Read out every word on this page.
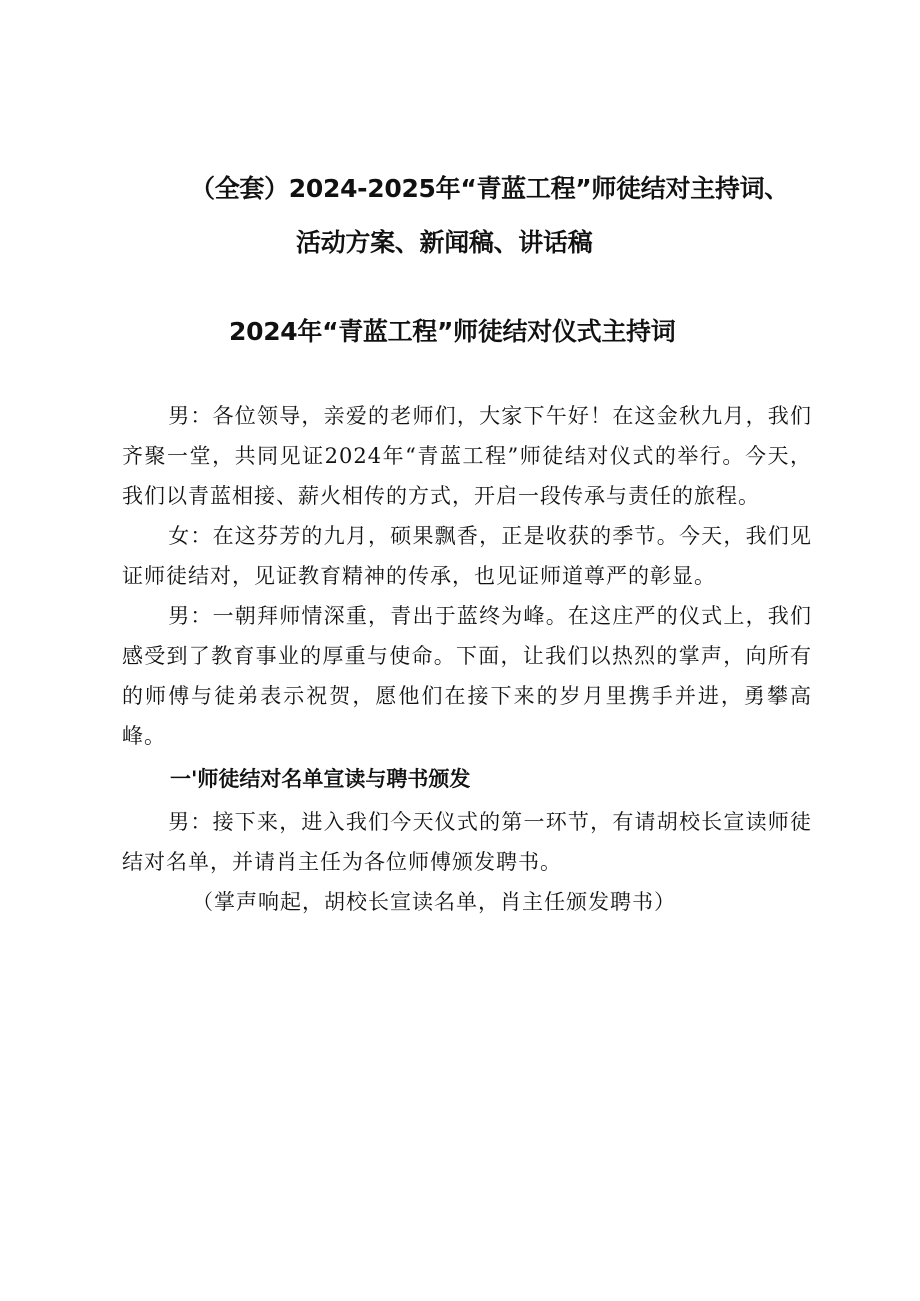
（全套）2024-2025年“青蓝工程”师徒结对主持词、
活动方案、新闻稿、讲话稿
2024年“青蓝工程”师徒结对仪式主持词

男：各位领导，亲爱的老师们，大家下午好！在这金秋九月，我们齐聚一堂，共同见证2024年“青蓝工程”师徒结对仪式的举行。今天，我们以青蓝相接、薪火相传的方式，开启一段传承与责任的旅程。

女：在这芬芳的九月，硕果飘香，正是收获的季节。今天，我们见证师徒结对，见证教育精神的传承，也见证师道尊严的彰显。

男：一朝拜师情深重，青出于蓝终为峰。在这庄严的仪式上，我们感受到了教育事业的厚重与使命。下面，让我们以热烈的掌声，向所有的师傅与徒弟表示祝贺，愿他们在接下来的岁月里携手并进，勇攀高峰。

一'师徒结对名单宣读与聘书颁发

男：接下来，进入我们今天仪式的第一环节，有请胡校长宣读师徒结对名单，并请肖主任为各位师傅颁发聘书。

（掌声响起，胡校长宣读名单，肖主任颁发聘书）
